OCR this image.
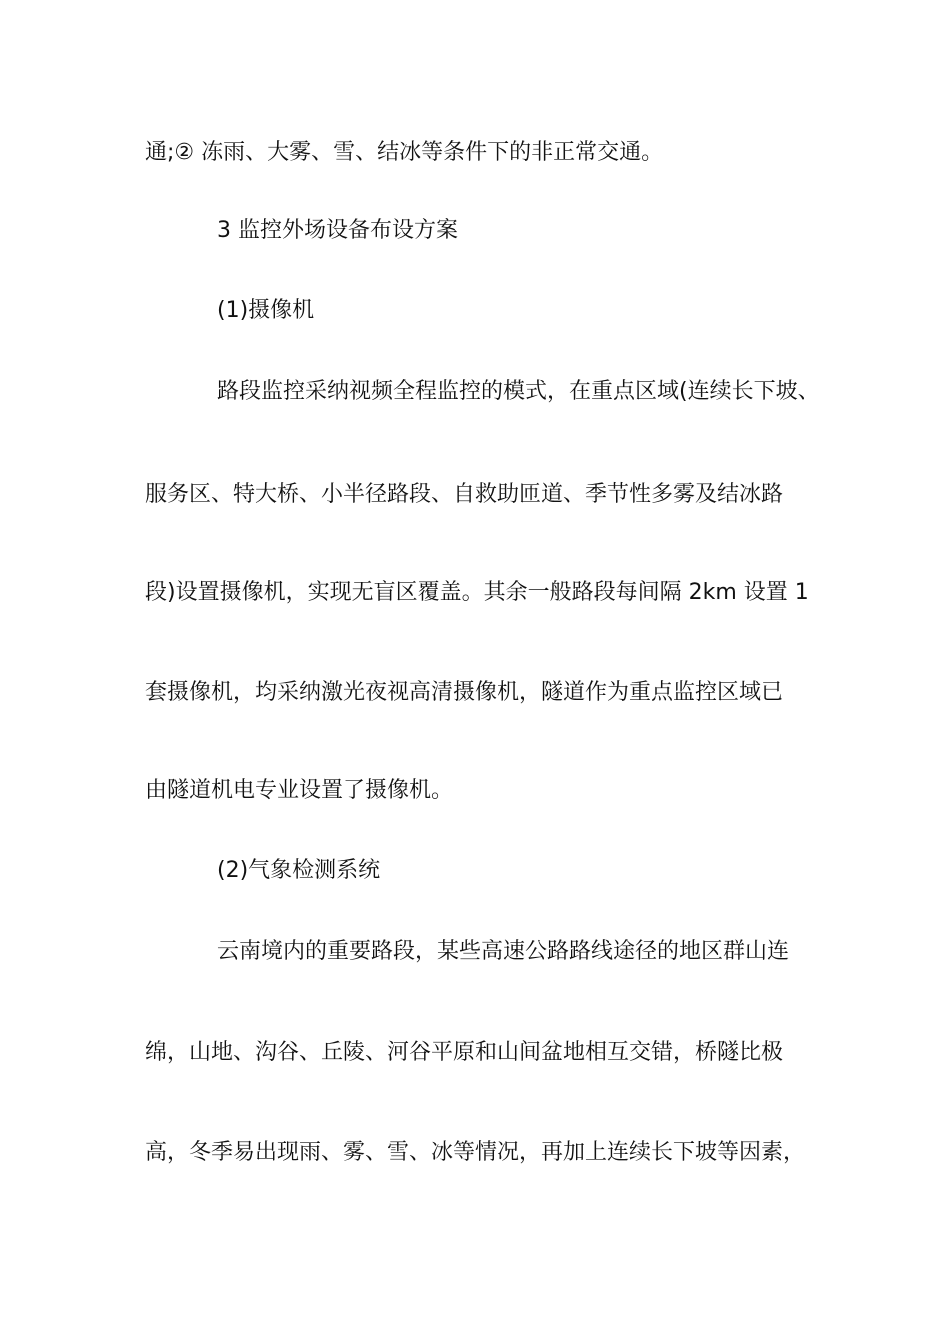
通;② 冻雨、大雾、雪、结冰等条件下的非正常交通。
3 监控外场设备布设方案
(1)摄像机
路段监控采纳视频全程监控的模式，在重点区域(连续长下坡、
服务区、特大桥、小半径路段、自救助匝道、季节性多雾及结冰路
段)设置摄像机，实现无盲区覆盖。其余一般路段每间隔 2km 设置 1
套摄像机，均采纳激光夜视高清摄像机，隧道作为重点监控区域已
由隧道机电专业设置了摄像机。
(2)气象检测系统
云南境内的重要路段，某些高速公路路线途径的地区群山连
绵，山地、沟谷、丘陵、河谷平原和山间盆地相互交错，桥隧比极
高，冬季易出现雨、雾、雪、冰等情况，再加上连续长下坡等因素，
